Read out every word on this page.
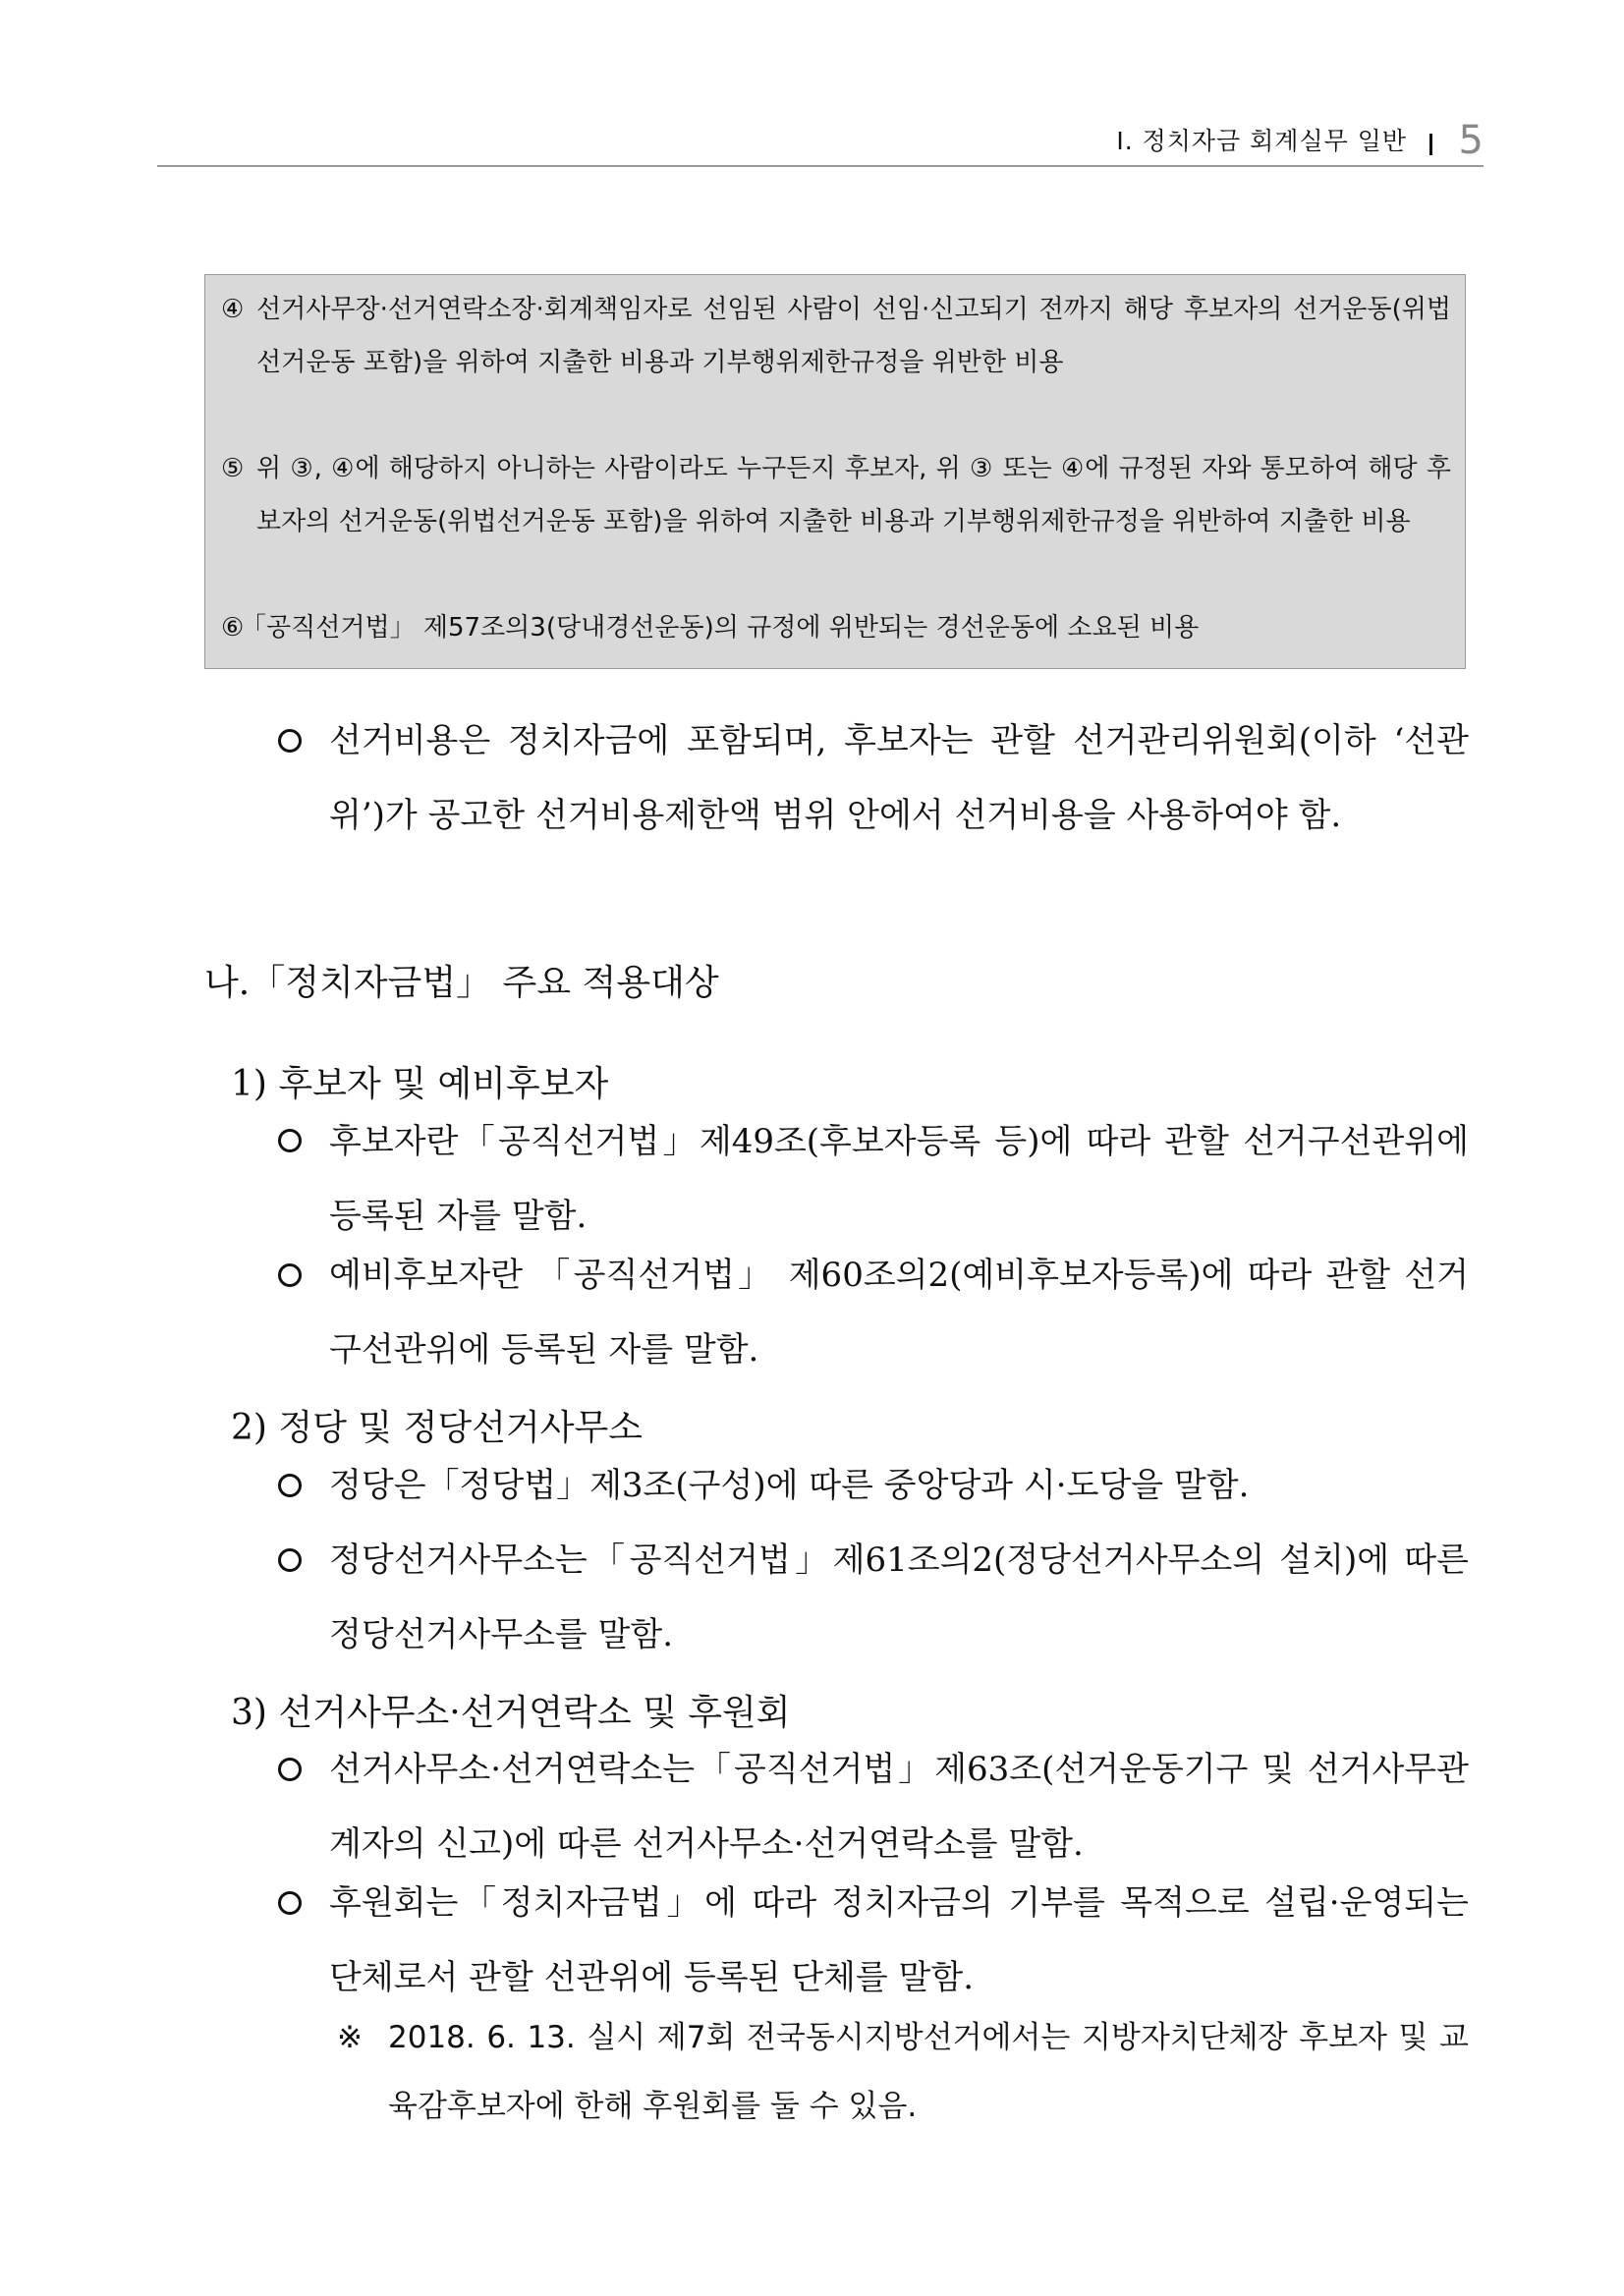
Ⅰ. 정치자금 회계실무 일반 5
④ 선거사무장·선거연락소장·회계책임자로 선임된 사람이 선임·신고되기 전까지 해당 후보자의 선거운동(위법선거운동 포함)을 위하여 지출한 비용과 기부행위제한규정을 위반한 비용
⑤ 위 ③, ④에 해당하지 아니하는 사람이라도 누구든지 후보자, 위 ③ 또는 ④에 규정된 자와 통모하여 해당 후보자의 선거운동(위법선거운동 포함)을 위하여 지출한 비용과 기부행위제한규정을 위반하여 지출한 비용
⑥
「공직선거법」 제57조의3(당내경선운동)의 규정에 위반되는 경선운동에 소요된 비용
선거비용은 정치자금에 포함되며, 후보자는 관할 선거관리위원회(이하 ‘선관위’)가 공고한 선거비용제한액 범위 안에서 선거비용을 사용하여야 함.
나.「정치자금법」 주요 적용대상
1) 후보자 및 예비후보자
후보자란「공직선거법」제49조(후보자등록 등)에 따라 관할 선거구선관위에 등록된 자를 말함.
예비후보자란 「공직선거법」 제60조의2(예비후보자등록)에 따라 관할 선거구선관위에 등록된 자를 말함.
2) 정당 및 정당선거사무소
정당은「정당법」제3조(구성)에 따른 중앙당과 시·도당을 말함.
정당선거사무소는「공직선거법」제61조의2(정당선거사무소의 설치)에 따른 정당선거사무소를 말함.
3) 선거사무소·선거연락소 및 후원회
선거사무소·선거연락소는「공직선거법」제63조(선거운동기구 및 선거사무관계자의 신고)에 따른 선거사무소·선거연락소를 말함.
후원회는「정치자금법」에 따라 정치자금의 기부를 목적으로 설립·운영되는 단체로서 관할 선관위에 등록된 단체를 말함.
※ 2018. 6. 13. 실시 제7회 전국동시지방선거에서는 지방자치단체장 후보자 및 교육감후보자에 한해 후원회를 둘 수 있음.
